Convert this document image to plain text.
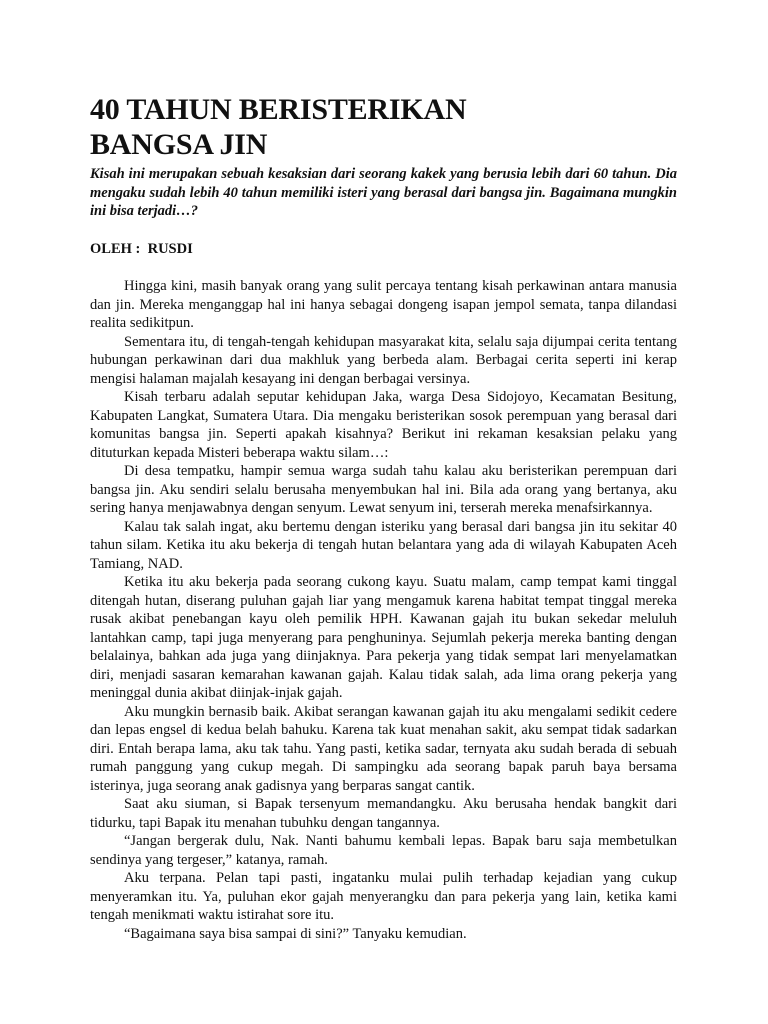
40 TAHUN BERISTERIKAN
BANGSA JIN

Kisah ini merupakan sebuah kesaksian dari seorang kakek yang berusia lebih dari 60 tahun. Dia mengaku sudah lebih 40 tahun memiliki isteri yang berasal dari bangsa jin. Bagaimana mungkin ini bisa terjadi…?

OLEH :  RUSDI

Hingga kini, masih banyak orang yang sulit percaya tentang kisah perkawinan antara manusia dan jin. Mereka menganggap hal ini hanya sebagai dongeng isapan jempol semata, tanpa dilandasi realita sedikitpun.

Sementara itu, di tengah-tengah kehidupan masyarakat kita, selalu saja dijumpai cerita tentang hubungan perkawinan dari dua makhluk yang berbeda alam. Berbagai cerita seperti ini kerap mengisi halaman majalah kesayang ini dengan berbagai versinya.

Kisah terbaru adalah seputar kehidupan Jaka, warga Desa Sidojoyo, Kecamatan Besitung, Kabupaten Langkat, Sumatera Utara. Dia mengaku beristerikan sosok perempuan yang berasal dari komunitas bangsa jin. Seperti apakah kisahnya? Berikut ini rekaman kesaksian pelaku yang dituturkan kepada Misteri beberapa waktu silam…:

Di desa tempatku, hampir semua warga sudah tahu kalau aku beristerikan perempuan dari bangsa jin. Aku sendiri selalu berusaha menyembukan hal ini. Bila ada orang yang bertanya, aku sering hanya menjawabnya dengan senyum. Lewat senyum ini, terserah mereka menafsirkannya.

Kalau tak salah ingat, aku bertemu dengan isteriku yang berasal dari bangsa jin itu sekitar 40 tahun silam. Ketika itu aku bekerja di tengah hutan belantara yang ada di wilayah Kabupaten Aceh Tamiang, NAD.

Ketika itu aku bekerja pada seorang cukong kayu. Suatu malam, camp tempat kami tinggal ditengah hutan, diserang puluhan gajah liar yang mengamuk karena habitat tempat tinggal mereka rusak akibat penebangan kayu oleh pemilik HPH. Kawanan gajah itu bukan sekedar meluluh lantahkan camp, tapi juga menyerang para penghuninya. Sejumlah pekerja mereka banting dengan belalainya, bahkan ada juga yang diinjaknya. Para pekerja yang tidak sempat lari menyelamatkan diri, menjadi sasaran kemarahan kawanan gajah. Kalau tidak salah, ada lima orang pekerja yang meninggal dunia akibat diinjak-injak gajah.

Aku mungkin bernasib baik. Akibat serangan kawanan gajah itu aku mengalami sedikit cedere dan lepas engsel di kedua belah bahuku. Karena tak kuat menahan sakit, aku sempat tidak sadarkan diri. Entah berapa lama, aku tak tahu. Yang pasti, ketika sadar, ternyata aku sudah berada di sebuah rumah panggung yang cukup megah. Di sampingku ada seorang bapak paruh baya bersama isterinya, juga seorang anak gadisnya yang berparas sangat cantik.

Saat aku siuman, si Bapak tersenyum memandangku. Aku berusaha hendak bangkit dari tidurku, tapi Bapak itu menahan tubuhku dengan tangannya.

“Jangan bergerak dulu, Nak. Nanti bahumu kembali lepas. Bapak baru saja membetulkan sendinya yang tergeser,” katanya, ramah.

Aku terpana. Pelan tapi pasti, ingatanku mulai pulih terhadap kejadian yang cukup menyeramkan itu. Ya, puluhan ekor gajah menyerangku dan para pekerja yang lain, ketika kami tengah menikmati waktu istirahat sore itu.

“Bagaimana saya bisa sampai di sini?” Tanyaku kemudian.
